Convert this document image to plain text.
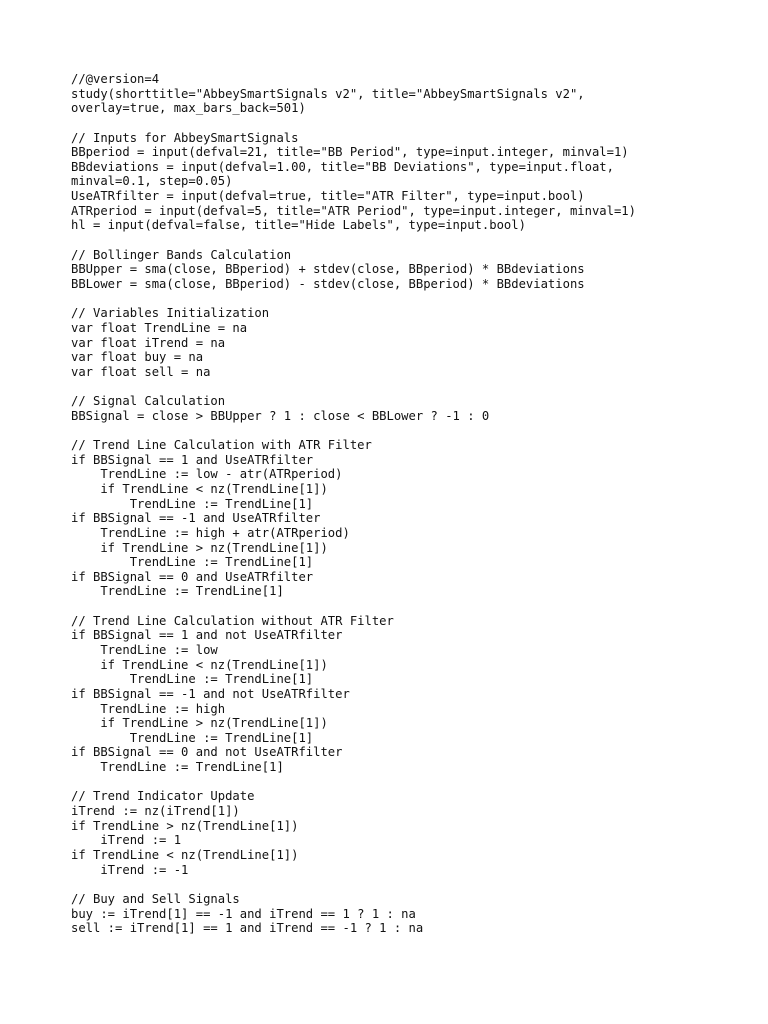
//@version=4
study(shorttitle="AbbeySmartSignals v2", title="AbbeySmartSignals v2",
overlay=true, max_bars_back=501)
// Inputs for AbbeySmartSignals
BBperiod = input(defval=21, title="BB Period", type=input.integer, minval=1)
BBdeviations = input(defval=1.00, title="BB Deviations", type=input.float,
minval=0.1, step=0.05)
UseATRfilter = input(defval=true, title="ATR Filter", type=input.bool)
ATRperiod = input(defval=5, title="ATR Period", type=input.integer, minval=1)
hl = input(defval=false, title="Hide Labels", type=input.bool)
// Bollinger Bands Calculation
BBUpper = sma(close, BBperiod) + stdev(close, BBperiod) * BBdeviations
BBLower = sma(close, BBperiod) - stdev(close, BBperiod) * BBdeviations
// Variables Initialization
var float TrendLine = na
var float iTrend = na
var float buy = na
var float sell = na
// Signal Calculation
BBSignal = close > BBUpper ? 1 : close < BBLower ? -1 : 0
// Trend Line Calculation with ATR Filter
if BBSignal == 1 and UseATRfilter
TrendLine := low - atr(ATRperiod)
if TrendLine < nz(TrendLine[1])
TrendLine := TrendLine[1]
if BBSignal == -1 and UseATRfilter
TrendLine := high + atr(ATRperiod)
if TrendLine > nz(TrendLine[1])
TrendLine := TrendLine[1]
if BBSignal == 0 and UseATRfilter
TrendLine := TrendLine[1]
// Trend Line Calculation without ATR Filter
if BBSignal == 1 and not UseATRfilter
TrendLine := low
if TrendLine < nz(TrendLine[1])
TrendLine := TrendLine[1]
if BBSignal == -1 and not UseATRfilter
TrendLine := high
if TrendLine > nz(TrendLine[1])
TrendLine := TrendLine[1]
if BBSignal == 0 and not UseATRfilter
TrendLine := TrendLine[1]
// Trend Indicator Update
iTrend := nz(iTrend[1])
if TrendLine > nz(TrendLine[1])
iTrend := 1
if TrendLine < nz(TrendLine[1])
iTrend := -1
// Buy and Sell Signals
buy := iTrend[1] == -1 and iTrend == 1 ? 1 : na
sell := iTrend[1] == 1 and iTrend == -1 ? 1 : na
